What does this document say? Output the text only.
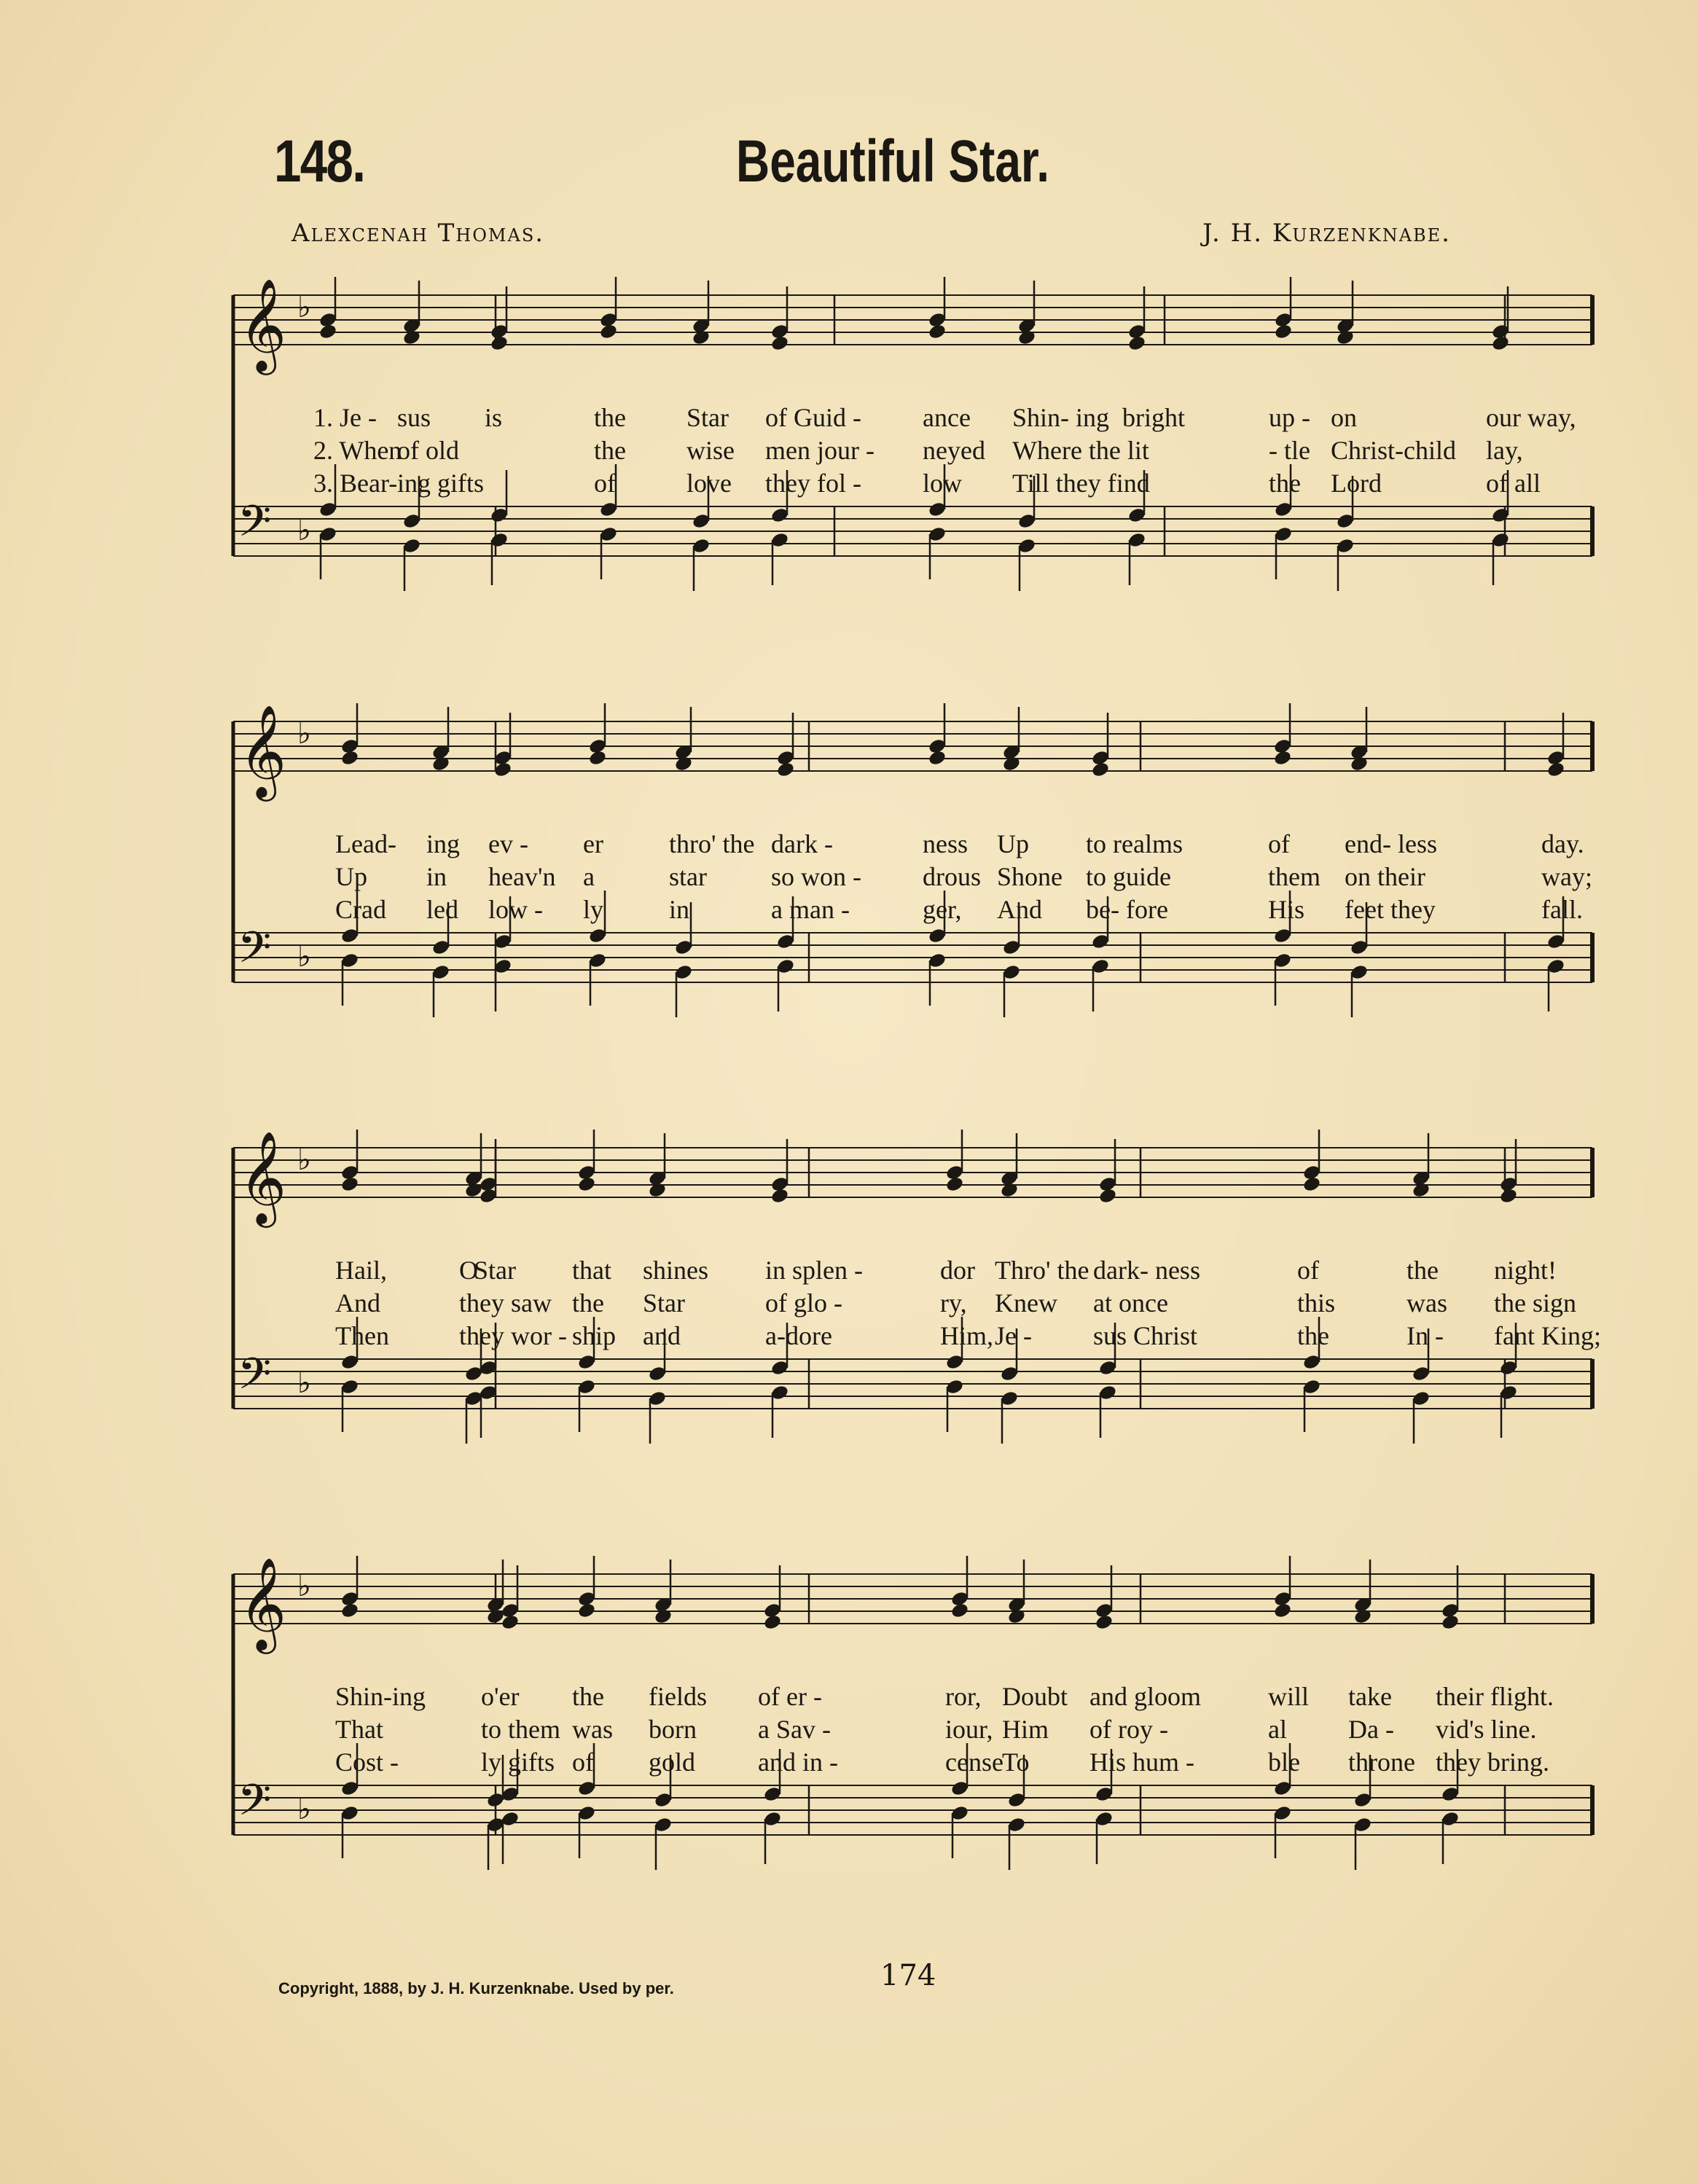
148.	Beautiful Star.
Alexcenah Thomas.	J. H. Kurzenknabe.
𝄞
𝄢
♭
♭
1. Je - sus is	the Star of Guid - ance Shin- ing bright	up - on	our way,
2. When
of old	the wise men jour - neyed Where the lit	- tle Christ-child lay,
3. Bear- ing gifts	of	love they fol - low Till they find	the Lord	of all
𝄞
𝄢
♭
♭
Lead- ing ev - er	thro' the dark -	ness Up to realms	of end- less	day.
Up in heav'n a	star so won - drous Shone to guide	them on their	way;
Crad led low - ly in	a man -	ger, And be- fore	His feet they	fall.
𝄞
𝄢
♭
♭
Hail,	O
Star that shines in splen -	dor Thro' the dark- ness	of	the night!
And	they saw the Star	of glo -	ry, Knew at once	this	was the sign
Then	they wor - ship and	a-dore	Him, Je - sus Christ	the	In - fant King;
𝄞
𝄢
♭
♭
Shin-ing o'er the fields of er -	ror, Doubt and gloom	will take their flight.
That	to them was born a Sav -	iour, Him of roy -	al Da - vid's line.
Cost -	ly gifts of gold and in -	cense
To His hum -	ble throne they bring.
Copyright, 1888, by J. H. Kurzenknabe. Used by per.	174
